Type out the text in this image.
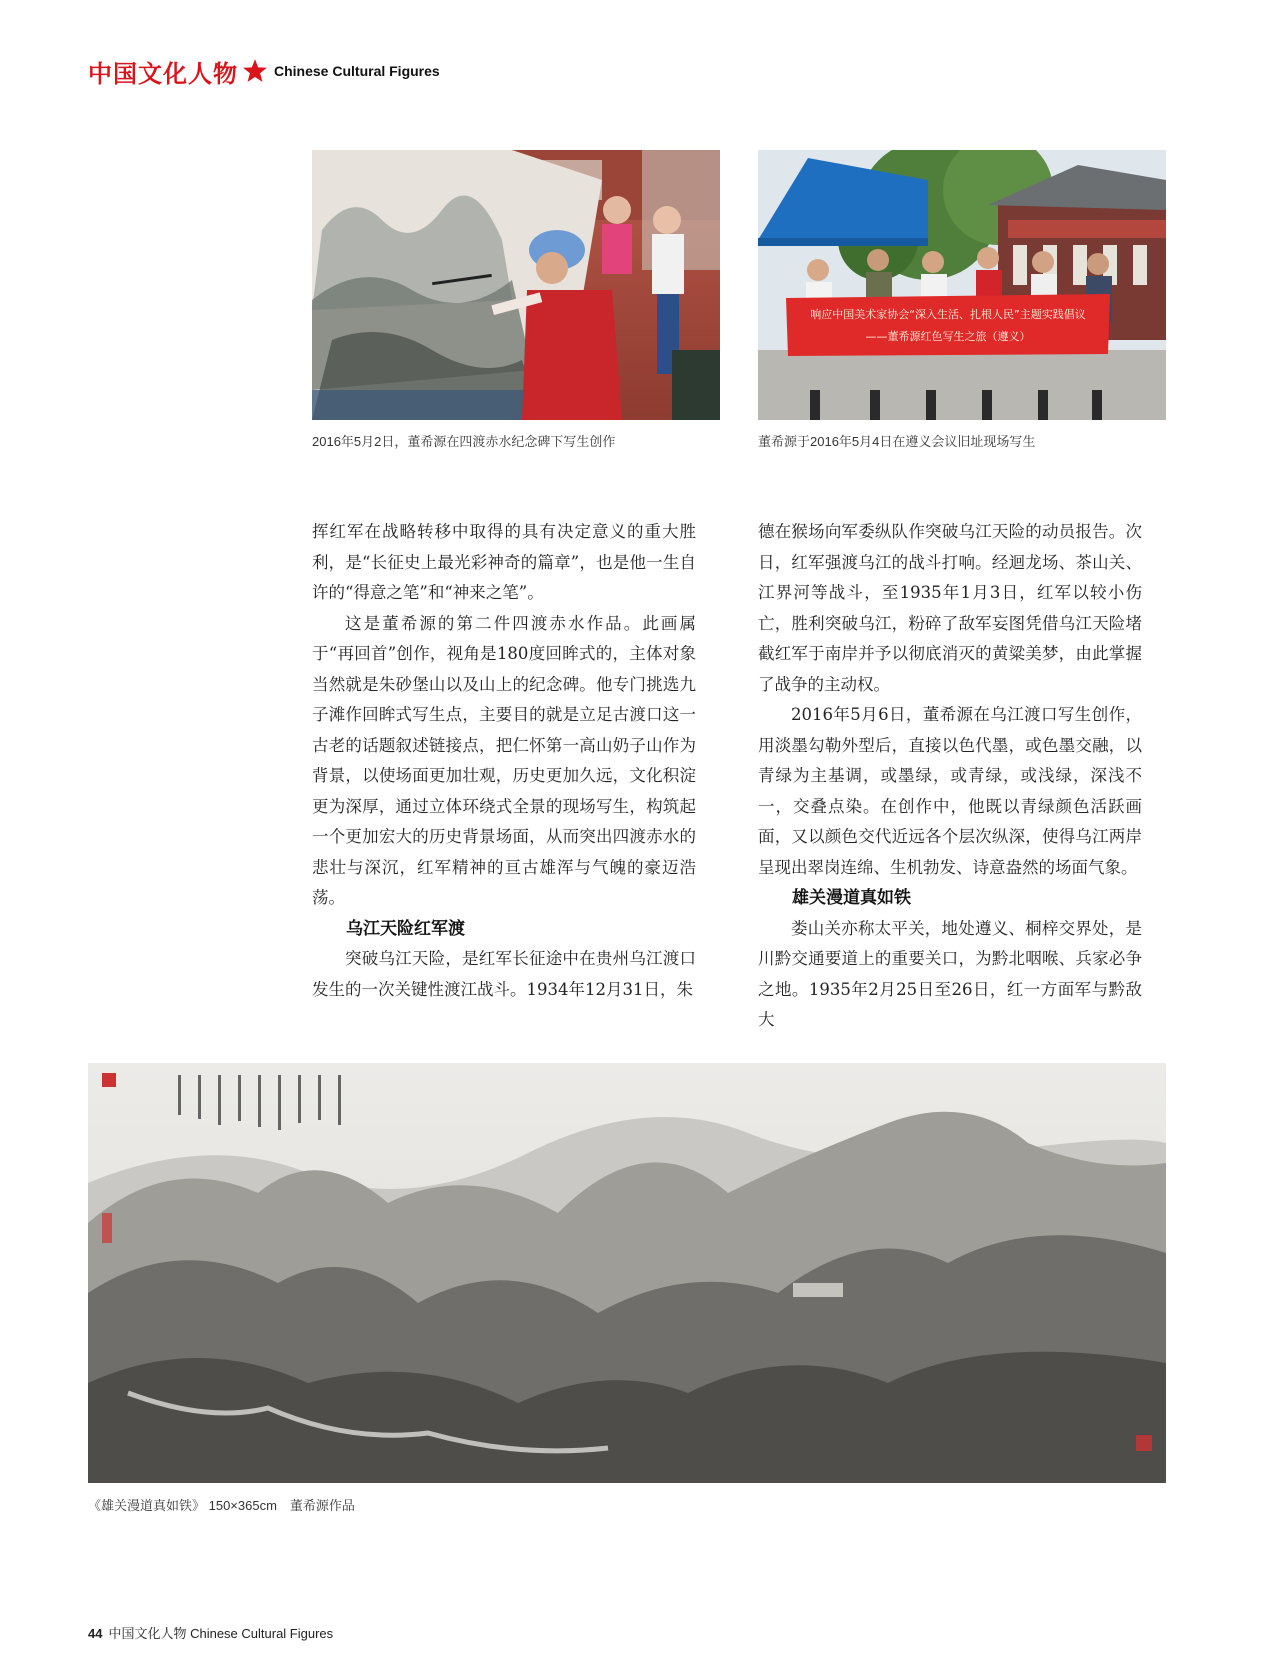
中国文化人物	Chinese Cultural Figures
2016年5月2日，董希源在四渡赤水纪念碑下写生创作
响应中国美术家协会“深入生活、扎根人民”主题实践倡议
——董希源红色写生之旅（遵义）
董希源于2016年5月4日在遵义会议旧址现场写生

挥红军在战略转移中取得的具有决定意义的重大胜利，是“长征史上最光彩神奇的篇章”，也是他一生自许的“得意之笔”和“神来之笔”。

这是董希源的第二件四渡赤水作品。此画属于“再回首”创作，视角是180度回眸式的，主体对象当然就是朱砂堡山以及山上的纪念碑。他专门挑选九子滩作回眸式写生点，主要目的就是立足古渡口这一古老的话题叙述链接点，把仁怀第一高山奶子山作为背景，以使场面更加壮观，历史更加久远，文化积淀更为深厚，通过立体环绕式全景的现场写生，构筑起一个更加宏大的历史背景场面，从而突出四渡赤水的悲壮与深沉，红军精神的亘古雄浑与气魄的豪迈浩荡。

乌江天险红军渡

突破乌江天险，是红军长征途中在贵州乌江渡口发生的一次关键性渡江战斗。1934年12月31日，朱

德在猴场向军委纵队作突破乌江天险的动员报告。次日，红军强渡乌江的战斗打响。经迴龙场、茶山关、江界河等战斗，至1935年1月3日，红军以较小伤亡，胜利突破乌江，粉碎了敌军妄图凭借乌江天险堵截红军于南岸并予以彻底消灭的黄粱美梦，由此掌握了战争的主动权。

2016年5月6日，董希源在乌江渡口写生创作，用淡墨勾勒外型后，直接以色代墨，或色墨交融，以青绿为主基调，或墨绿，或青绿，或浅绿，深浅不一，交叠点染。在创作中，他既以青绿颜色活跃画面，又以颜色交代近远各个层次纵深，使得乌江两岸呈现出翠岗连绵、生机勃发、诗意盎然的场面气象。

雄关漫道真如铁

娄山关亦称太平关，地处遵义、桐梓交界处，是川黔交通要道上的重要关口，为黔北咽喉、兵家必争之地。1935年2月25日至26日，红一方面军与黔敌大

《雄关漫道真如铁》 150×365cm　董希源作品
44 中国文化人物 Chinese Cultural Figures
